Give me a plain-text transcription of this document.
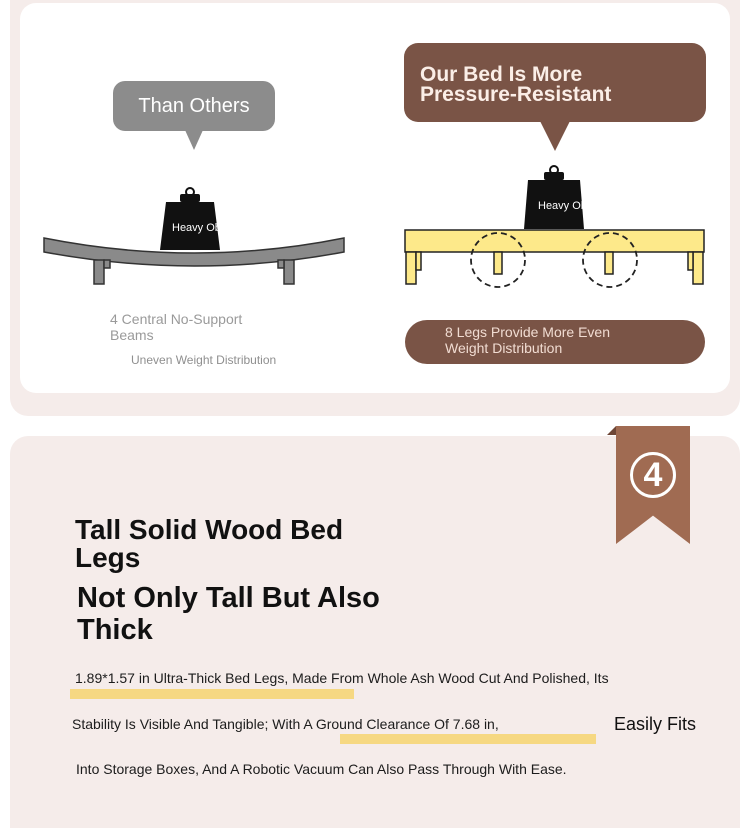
Than Others
Heavy Ob
4 Central No-Support Beams
Uneven Weight Distribution
Our Bed Is More
Pressure-Resistant
Heavy Ob
8 Legs Provide More Even
Weight Distribution
4
Tall Solid Wood Bed
Legs
Not Only Tall But Also
Thick
1.89*1.57 in Ultra-Thick Bed Legs, Made From Whole Ash Wood Cut And Polished, Its
Stability Is Visible And Tangible; With A Ground Clearance Of 7.68 in,	Easily Fits
Into Storage Boxes, And A Robotic Vacuum Can Also Pass Through With Ease.
